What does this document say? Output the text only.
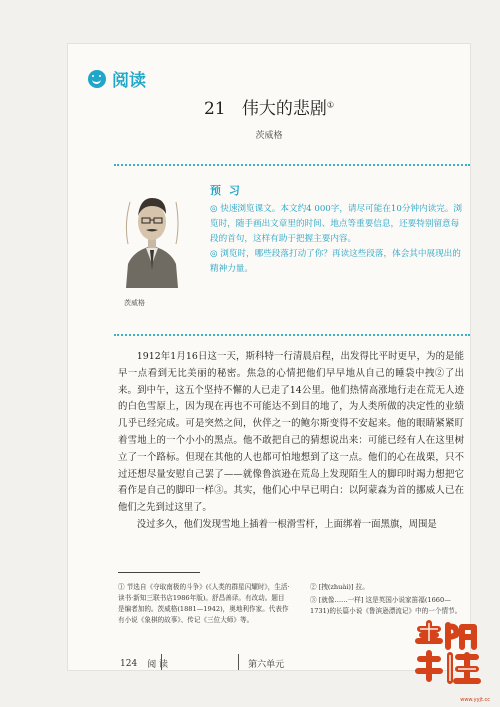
阅读
21 伟大的悲剧①
茨威格
茨威格
预 习

◎ 快速浏览课文。本文约4 000字，请尽可能在10分钟内读完。浏览时，随手画出文章里的时间、地点等重要信息，还要特别留意每段的首句，这样有助于把握主要内容。

◎ 浏览时，哪些段落打动了你？再读这些段落，体会其中展现出的精神力量。

1912年1月16日这一天，斯科特一行清晨启程，出发得比平时更早，为的是能早一点看到无比美丽的秘密。焦急的心情把他们早早地从自己的睡袋中拽②了出来。到中午，这五个坚持不懈的人已走了14公里。他们热情高涨地行走在荒无人迹的白色雪原上，因为现在再也不可能达不到目的地了，为人类所做的决定性的业绩几乎已经完成。可是突然之间，伙伴之一的鲍尔斯变得不安起来。他的眼睛紧紧盯着雪地上的一个小小的黑点。他不敢把自己的猜想说出来：可能已经有人在这里树立了一个路标。但现在其他的人也都可怕地想到了这一点。他们的心在战栗，只不过还想尽量安慰自己罢了——就像鲁滨逊在荒岛上发现陌生人的脚印时竭力想把它看作是自己的脚印一样③。其实，他们心中早已明白：以阿蒙森为首的挪威人已在他们之先到过这里了。

没过多久，他们发现雪地上插着一根滑雪杆，上面绑着一面黑旗，周围是

① 节选自《夺取南极的斗争》(《人类的群星闪耀时》，生活·读书·新知三联书店1986年版)。舒昌善译。有改动。题目是编者加的。茨威格(1881—1942)，奥地利作家。代表作有小说《象棋的故事》、传记《三位大师》等。

② [拽(zhuài)] 拉。

③ [就像……一样] 这是英国小说家笛福(1660—1731)的长篇小说《鲁滨逊漂流记》中的一个情节。

124 阅 读	第六单元
www.yyjt.cc
